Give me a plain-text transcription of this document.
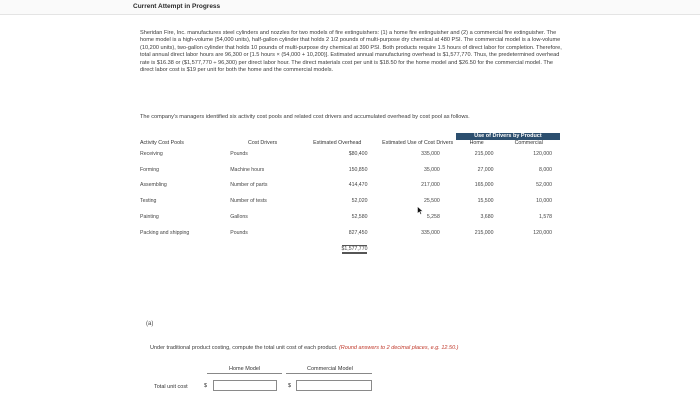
Current Attempt in Progress
Sheridan Fire, Inc. manufactures steel cylinders and nozzles for two models of fire extinguishers: (1) a home fire extinguisher and (2) a commercial fire extinguisher. The home model is a high-volume (54,000 units), half-gallon cylinder that holds 2 1/2 pounds of multi-purpose dry chemical at 480 PSI. The commercial model is a low-volume (10,200 units), two-gallon cylinder that holds 10 pounds of multi-purpose dry chemical at 390 PSI. Both products require 1.5 hours of direct labor for completion. Therefore, total annual direct labor hours are 96,300 or [1.5 hours × (54,000 + 10,200)]. Estimated annual manufacturing overhead is $1,577,770. Thus, the predetermined overhead rate is $16.38 or ($1,577,770 ÷ 96,300) per direct labor hour. The direct materials cost per unit is $18.50 for the home model and $26.50 for the commercial model. The direct labor cost is $19 per unit for both the home and the commercial models.
The company's managers identified six activity cost pools and related cost drivers and accumulated overhead by cost pool as follows.
				Use of Drivers by Product	
Activity Cost Pools	Cost Drivers	Estimated Overhead	Estimated Use of Cost Drivers	Home	Commercial
Receiving	Pounds	$80,400	335,000	215,000	120,000
Forming	Machine hours	150,850	35,000	27,000	8,000
Assembling	Number of parts	414,470	217,000	165,000	52,000
Testing	Number of tests	52,020	25,500	15,500	10,000
Painting	Gallons	52,580	5,258	3,680	1,578
Packing and shipping	Pounds	827,450	335,000	215,000	120,000
		$1,577,770			
(a)
Under traditional product costing, compute the total unit cost of each product. (Round answers to 2 decimal places, e.g. 12.50.)
Home Model	Commercial Model
Total unit cost	$	$
